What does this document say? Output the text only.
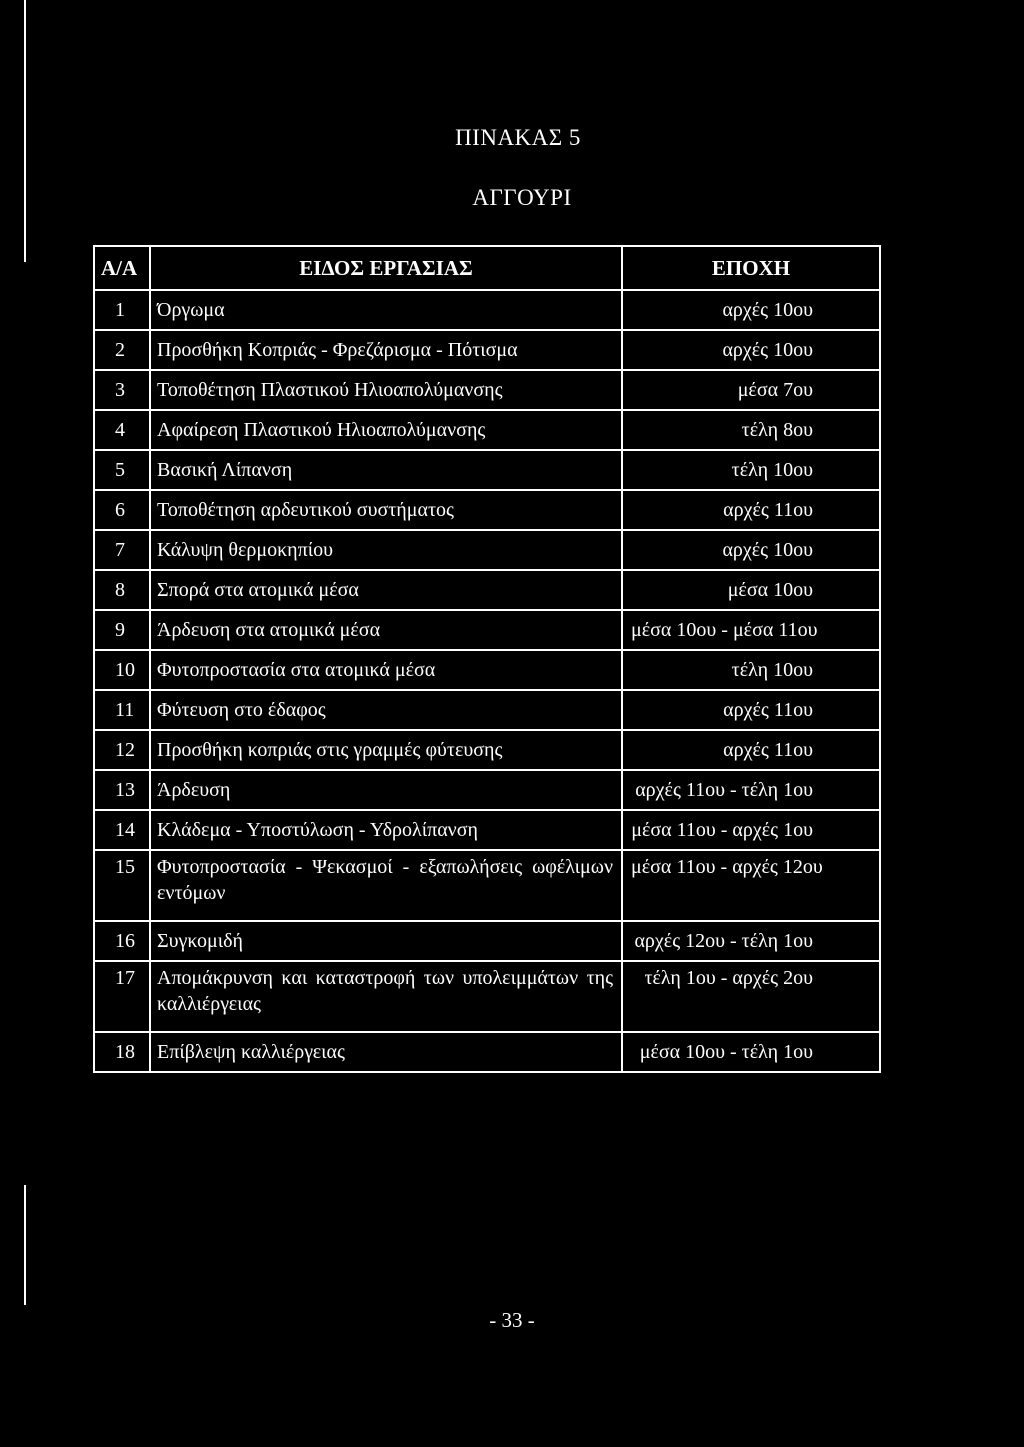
ΠΙΝΑΚΑΣ 5
ΑΓΓΟΥΡΙ
Α/Α	ΕΙΔΟΣ ΕΡΓΑΣΙΑΣ	ΕΠΟΧΗ
1	Όργωμα	αρχές 10ου
2	Προσθήκη Κοπριάς - Φρεζάρισμα - Πότισμα	αρχές 10ου
3	Τοποθέτηση Πλαστικού Ηλιοαπολύμανσης	μέσα 7ου
4	Αφαίρεση Πλαστικού Ηλιοαπολύμανσης	τέλη 8ου
5	Βασική Λίπανση	τέλη 10ου
6	Τοποθέτηση αρδευτικού συστήματος	αρχές 11ου
7	Κάλυψη θερμοκηπίου	αρχές 10ου
8	Σπορά στα ατομικά μέσα	μέσα 10ου
9	Άρδευση στα ατομικά μέσα	μέσα 10ου - μέσα 11ου
10	Φυτοπροστασία στα ατομικά μέσα	τέλη 10ου
11	Φύτευση στο έδαφος	αρχές 11ου
12	Προσθήκη κοπριάς στις γραμμές φύτευσης	αρχές 11ου
13	Άρδευση	αρχές 11ου - τέλη 1ου
14	Κλάδεμα - Υποστύλωση - Υδρολίπανση	μέσα 11ου - αρχές 1ου
15	Φυτοπροστασία - Ψεκασμοί - εξαπωλήσεις ωφέλιμων εντόμων	μέσα 11ου - αρχές 12ου
16	Συγκομιδή	αρχές 12ου - τέλη 1ου
17	Απομάκρυνση και καταστροφή των υπολειμμάτων της καλλιέργειας	τέλη 1ου - αρχές 2ου
18	Επίβλεψη καλλιέργειας	μέσα 10ου - τέλη 1ου
- 33 -
